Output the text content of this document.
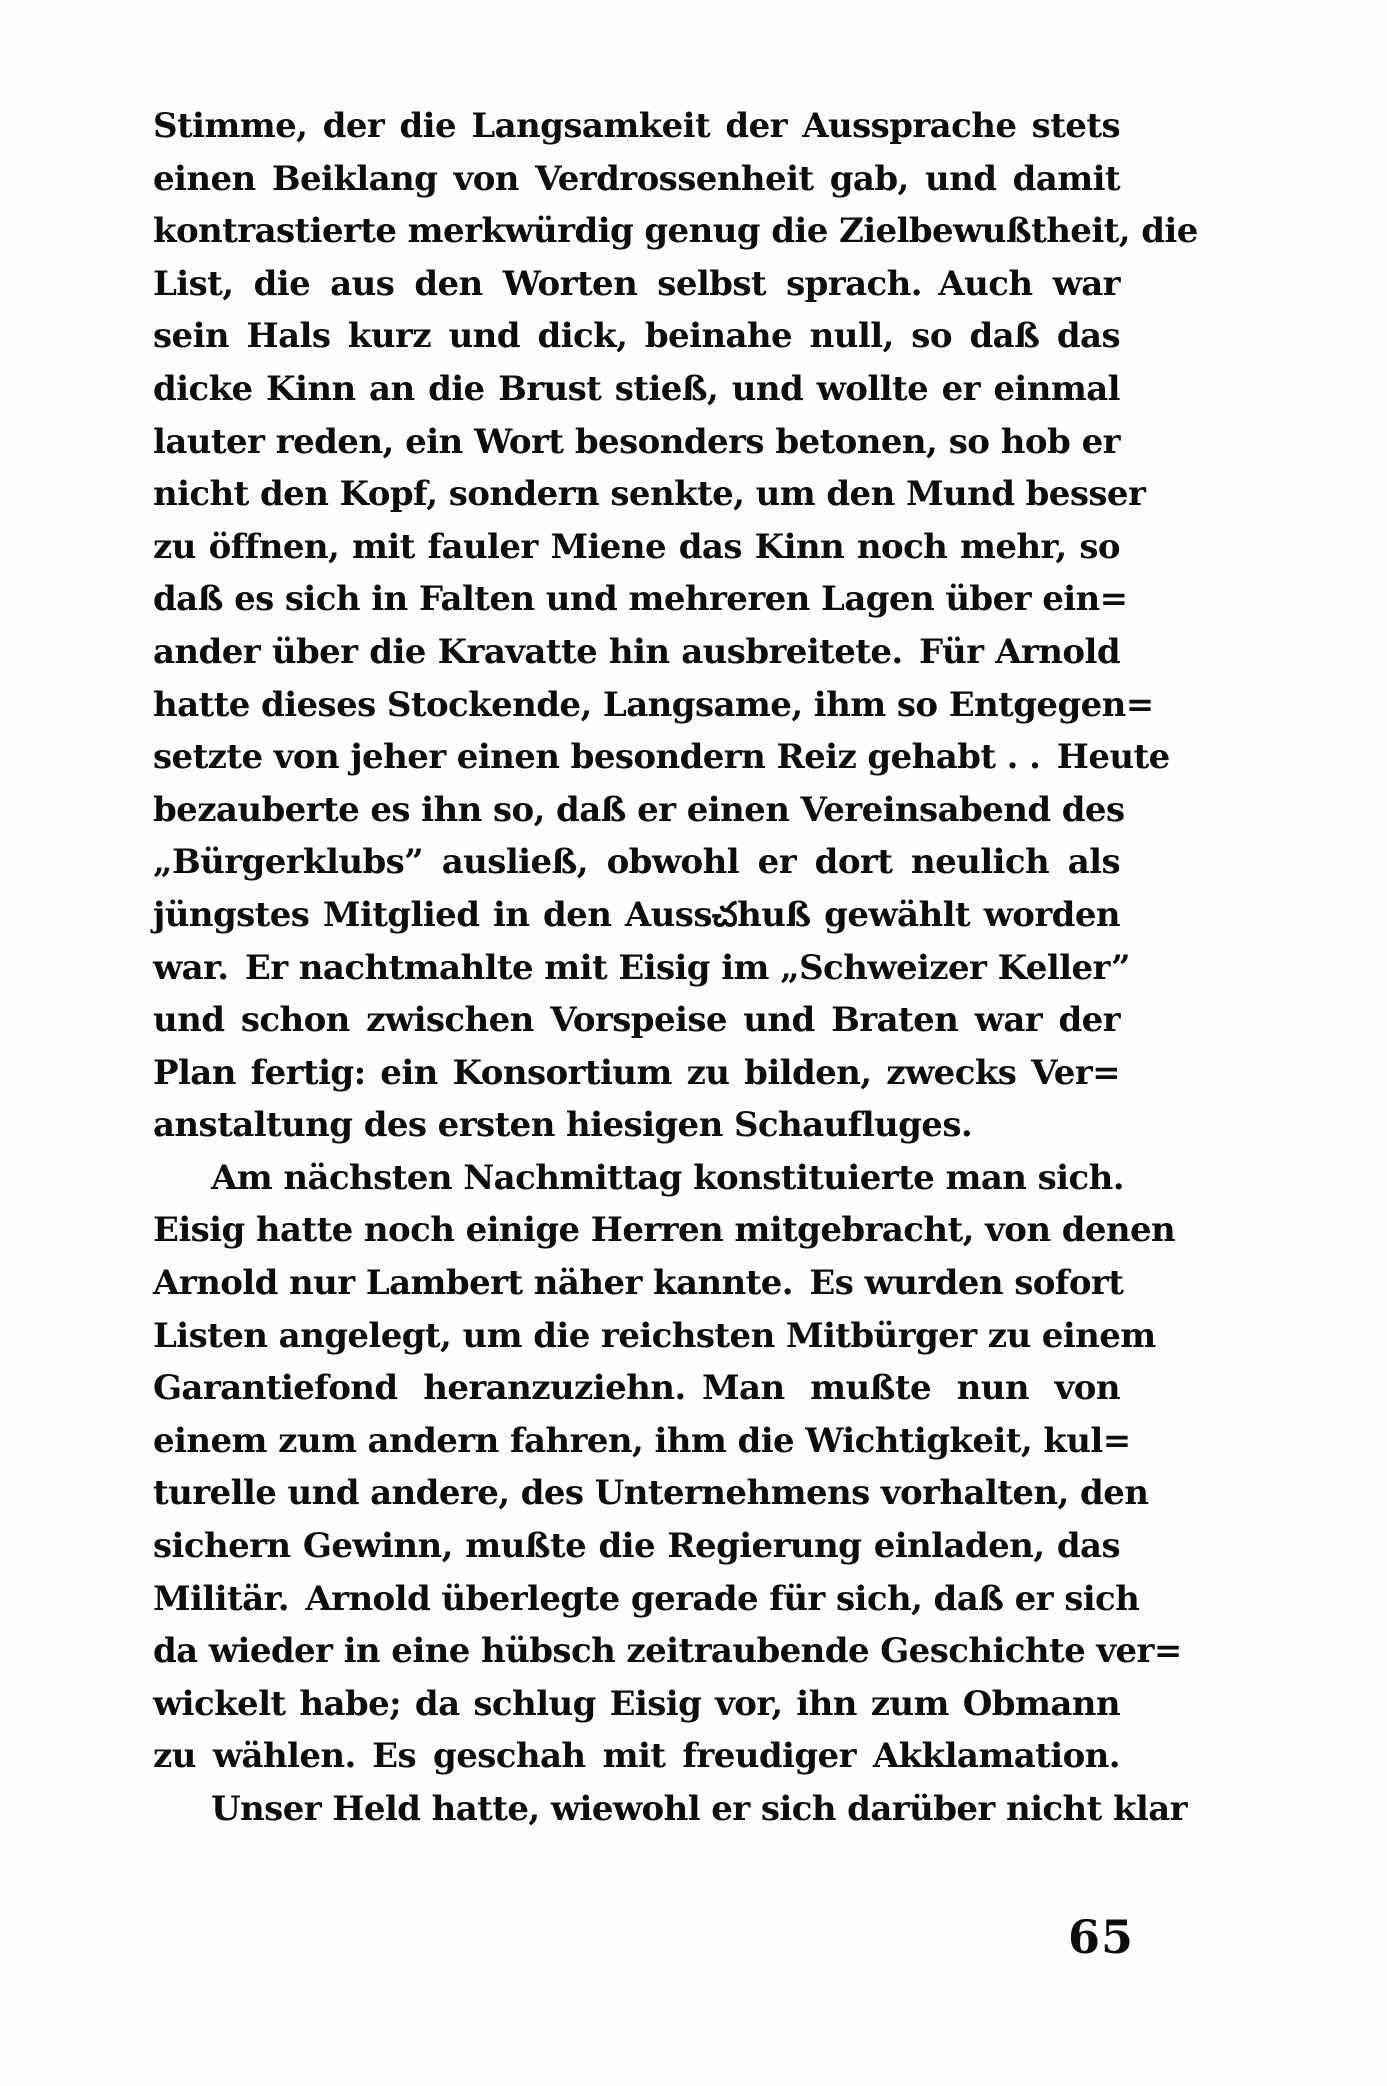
Stimme, der die Langsamkeit der Aussprache stets
einen Beiklang von Verdrossenheit gab, und damit
kontrastierte merkwürdig genug die Zielbewußtheit, die
List, die aus den Worten selbst sprach. Auch war
sein Hals kurz und dick, beinahe null, so daß das
dicke Kinn an die Brust stieß, und wollte er einmal
lauter reden, ein Wort besonders betonen, so hob er
nicht den Kopf, sondern senkte, um den Mund besser
zu öffnen, mit fauler Miene das Kinn noch mehr, so
daß es sich in Falten und mehreren Lagen über ein=
ander über die Kravatte hin ausbreitete. Für Arnold
hatte dieses Stockende, Langsame, ihm so Entgegen=
setzte von jeher einen besondern Reiz gehabt . . Heute
bezauberte es ihn so, daß er einen Vereinsabend des
„Bürgerklubs” ausließ, obwohl er dort neulich als
jüngstes Mitglied in den Aussచhuß gewählt worden
war. Er nachtmahlte mit Eisig im „Schweizer Keller”
und schon zwischen Vorspeise und Braten war der
Plan fertig: ein Konsortium zu bilden, zwecks Ver=
anstaltung des ersten hiesigen Schaufluges.
Am nächsten Nachmittag konstituierte man sich.
Eisig hatte noch einige Herren mitgebracht, von denen
Arnold nur Lambert näher kannte. Es wurden sofort
Listen angelegt, um die reichsten Mitbürger zu einem
Garantiefond heranzuziehn. Man mußte nun von
einem zum andern fahren, ihm die Wichtigkeit, kul=
turelle und andere, des Unternehmens vorhalten, den
sichern Gewinn, mußte die Regierung einladen, das
Militär. Arnold überlegte gerade für sich, daß er sich
da wieder in eine hübsch zeitraubende Geschichte ver=
wickelt habe; da schlug Eisig vor, ihn zum Obmann
zu wählen. Es geschah mit freudiger Akklamation.
Unser Held hatte, wiewohl er sich darüber nicht klar
65
